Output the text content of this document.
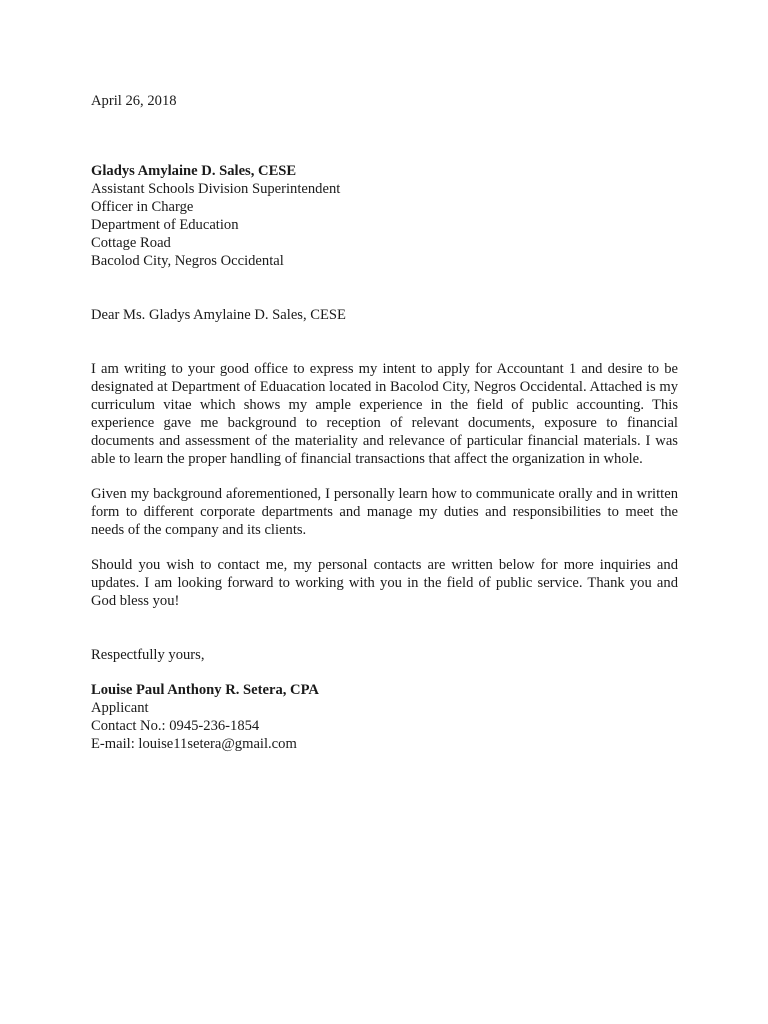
April 26, 2018
Gladys Amylaine D. Sales, CESE
Assistant Schools Division Superintendent
Officer in Charge
Department of Education
Cottage Road
Bacolod City, Negros Occidental
Dear Ms. Gladys Amylaine D. Sales, CESE

I am writing to your good office to express my intent to apply for Accountant 1 and desire to be designated at Department of Eduacation located in Bacolod City, Negros Occidental. Attached is my curriculum vitae which shows my ample experience in the field of public accounting. This experience gave me background to reception of relevant documents, exposure to financial documents and assessment of the materiality and relevance of particular financial materials. I was able to learn the proper handling of financial transactions that affect the organization in whole.

Given my background aforementioned, I personally learn how to communicate orally and in written form to different corporate departments and manage my duties and responsibilities to meet the needs of the company and its clients.

Should you wish to contact me, my personal contacts are written below for more inquiries and updates. I am looking forward to working with you in the field of public service. Thank you and God bless you!

Respectfully yours,
Louise Paul Anthony R. Setera, CPA
Applicant
Contact No.: 0945-236-1854
E-mail: louise11setera@gmail.com
